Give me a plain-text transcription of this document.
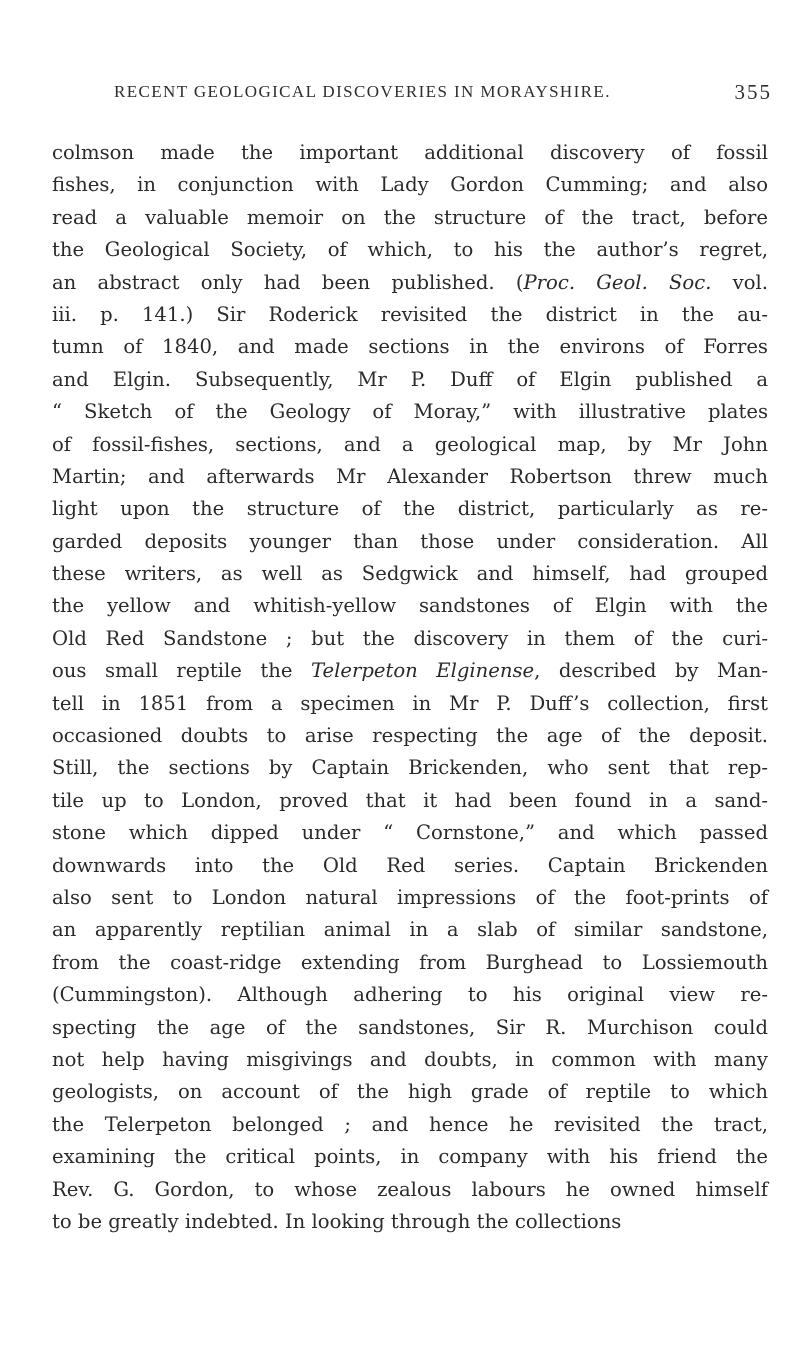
RECENT GEOLOGICAL DISCOVERIES IN MORAYSHIRE.	355
colmson made the important additional discovery of fossil
fishes, in conjunction with Lady Gordon Cumming; and also
read a valuable memoir on the structure of the tract, before
the Geological Society, of which, to his the author’s regret,
an abstract only had been published. (Proc. Geol. Soc. vol.
iii. p. 141.) Sir Roderick revisited the district in the au-
tumn of 1840, and made sections in the environs of Forres
and Elgin. Subsequently, Mr P. Duff of Elgin published a
“ Sketch of the Geology of Moray,” with illustrative plates
of fossil-fishes, sections, and a geological map, by Mr John
Martin; and afterwards Mr Alexander Robertson threw much
light upon the structure of the district, particularly as re-
garded deposits younger than those under consideration. All
these writers, as well as Sedgwick and himself, had grouped
the yellow and whitish-yellow sandstones of Elgin with the
Old Red Sandstone ; but the discovery in them of the curi-
ous small reptile the Telerpeton Elginense, described by Man-
tell in 1851 from a specimen in Mr P. Duff’s collection, first
occasioned doubts to arise respecting the age of the deposit.
Still, the sections by Captain Brickenden, who sent that rep-
tile up to London, proved that it had been found in a sand-
stone which dipped under “ Cornstone,” and which passed
downwards into the Old Red series. Captain Brickenden
also sent to London natural impressions of the foot-prints of
an apparently reptilian animal in a slab of similar sandstone,
from the coast-ridge extending from Burghead to Lossiemouth
(Cummingston). Although adhering to his original view re-
specting the age of the sandstones, Sir R. Murchison could
not help having misgivings and doubts, in common with many
geologists, on account of the high grade of reptile to which
the Telerpeton belonged ; and hence he revisited the tract,
examining the critical points, in company with his friend the
Rev. G. Gordon, to whose zealous labours he owned himself
to be greatly indebted. In looking through the collections
